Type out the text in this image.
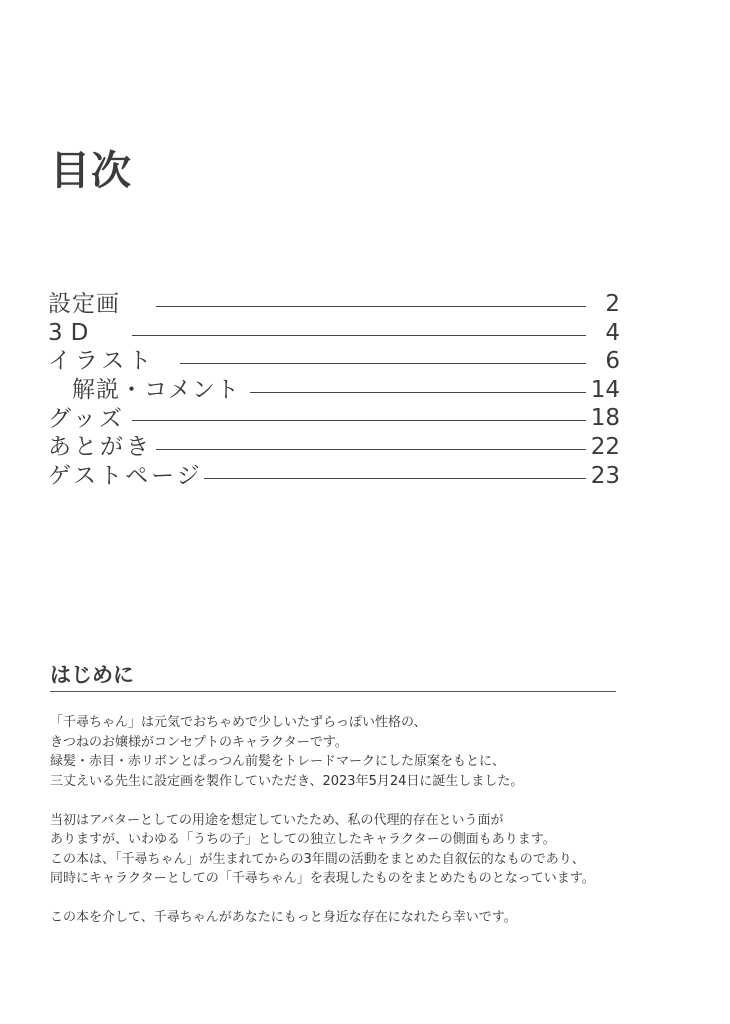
目次
設定画	2
3D	4
イラスト	6
解説・コメント	14
グッズ	18
あとがき	22
ゲストページ	23
はじめに
「千尋ちゃん」は元気でおちゃめで少しいたずらっぽい性格の、
きつねのお嬢様がコンセプトのキャラクターです。
緑髪・赤目・赤リボンとぱっつん前髪をトレードマークにした原案をもとに、
三丈えいる先生に設定画を製作していただき、2023年5月24日に誕生しました。
当初はアバターとしての用途を想定していたため、私の代理的存在という面が
ありますが、いわゆる「うちの子」としての独立したキャラクターの側面もあります。
この本は、「千尋ちゃん」が生まれてからの3年間の活動をまとめた自叙伝的なものであり、
同時にキャラクターとしての「千尋ちゃん」を表現したものをまとめたものとなっています。
この本を介して、千尋ちゃんがあなたにもっと身近な存在になれたら幸いです。
